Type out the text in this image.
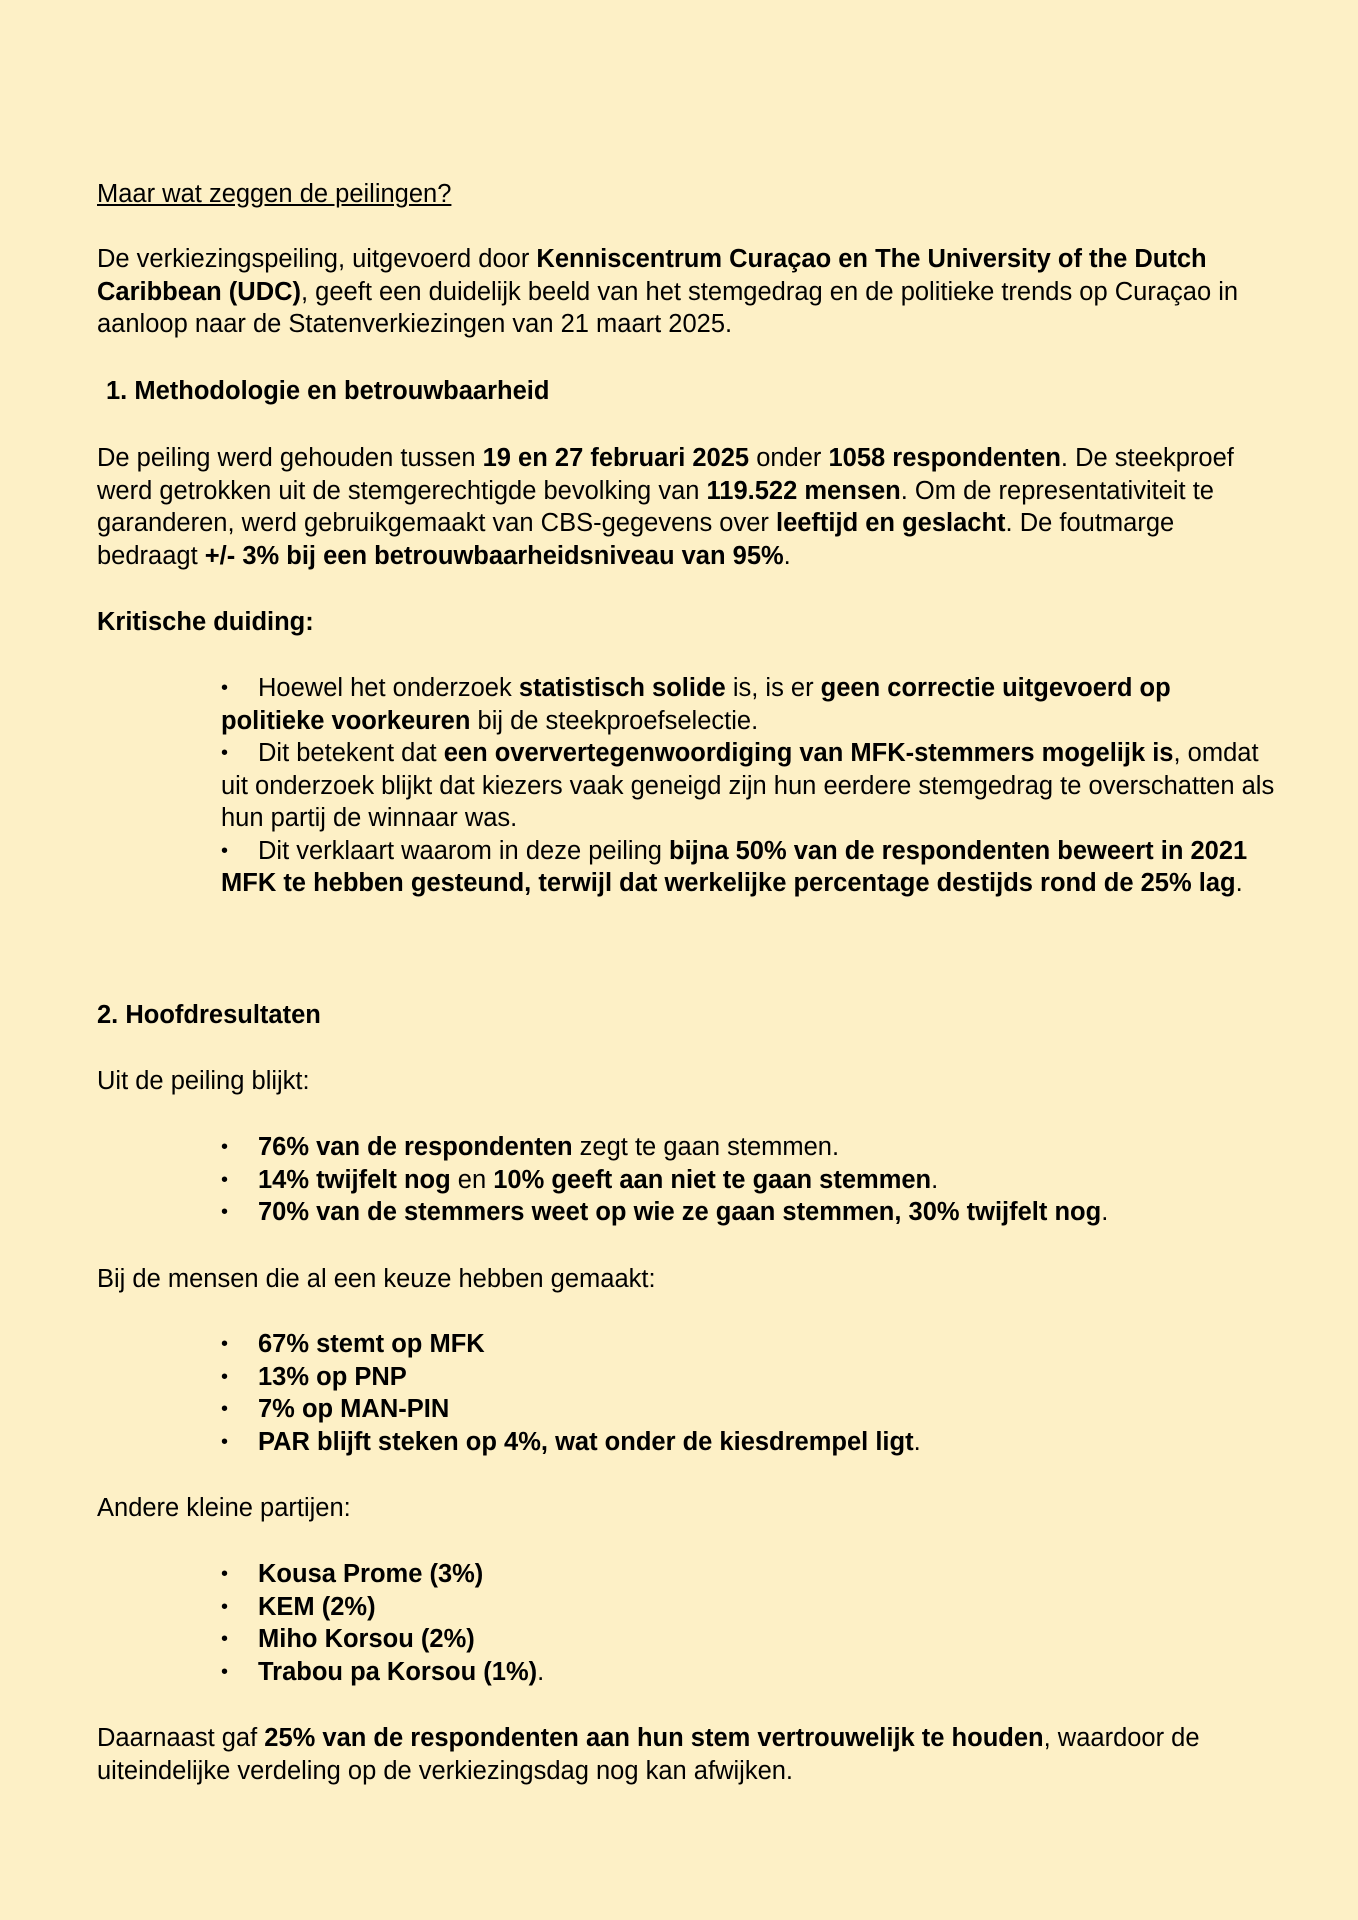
Maar wat zeggen de peilingen?

De verkiezingspeiling, uitgevoerd door Kenniscentrum Curaçao en The University of the Dutch Caribbean (UDC), geeft een duidelijk beeld van het stemgedrag en de politieke trends op Curaçao in aanloop naar de Statenverkiezingen van 21 maart 2025.

1. Methodologie en betrouwbaarheid

De peiling werd gehouden tussen 19 en 27 februari 2025 onder 1058 respondenten. De steekproef werd getrokken uit de stemgerechtigde bevolking van 119.522 mensen. Om de representativiteit te garanderen, werd gebruikgemaakt van CBS-gegevens over leeftijd en geslacht. De foutmarge bedraagt +/- 3% bij een betrouwbaarheidsniveau van 95%.

Kritische duiding:

• Hoewel het onderzoek statistisch solide is, is er geen correctie uitgevoerd op politieke voorkeuren bij de steekproefselectie.
• Dit betekent dat een oververtegenwoordiging van MFK-stemmers mogelijk is, omdat uit onderzoek blijkt dat kiezers vaak geneigd zijn hun eerdere stemgedrag te overschatten als hun partij de winnaar was.
• Dit verklaart waarom in deze peiling bijna 50% van de respondenten beweert in 2021 MFK te hebben gesteund, terwijl dat werkelijke percentage destijds rond de 25% lag.

2. Hoofdresultaten

Uit de peiling blijkt:

• 76% van de respondenten zegt te gaan stemmen.
• 14% twijfelt nog en 10% geeft aan niet te gaan stemmen.
• 70% van de stemmers weet op wie ze gaan stemmen, 30% twijfelt nog.

Bij de mensen die al een keuze hebben gemaakt:

• 67% stemt op MFK
• 13% op PNP
• 7% op MAN-PIN
• PAR blijft steken op 4%, wat onder de kiesdrempel ligt.

Andere kleine partijen:

• Kousa Prome (3%)
• KEM (2%)
• Miho Korsou (2%)
• Trabou pa Korsou (1%).

Daarnaast gaf 25% van de respondenten aan hun stem vertrouwelijk te houden, waardoor de uiteindelijke verdeling op de verkiezingsdag nog kan afwijken.
